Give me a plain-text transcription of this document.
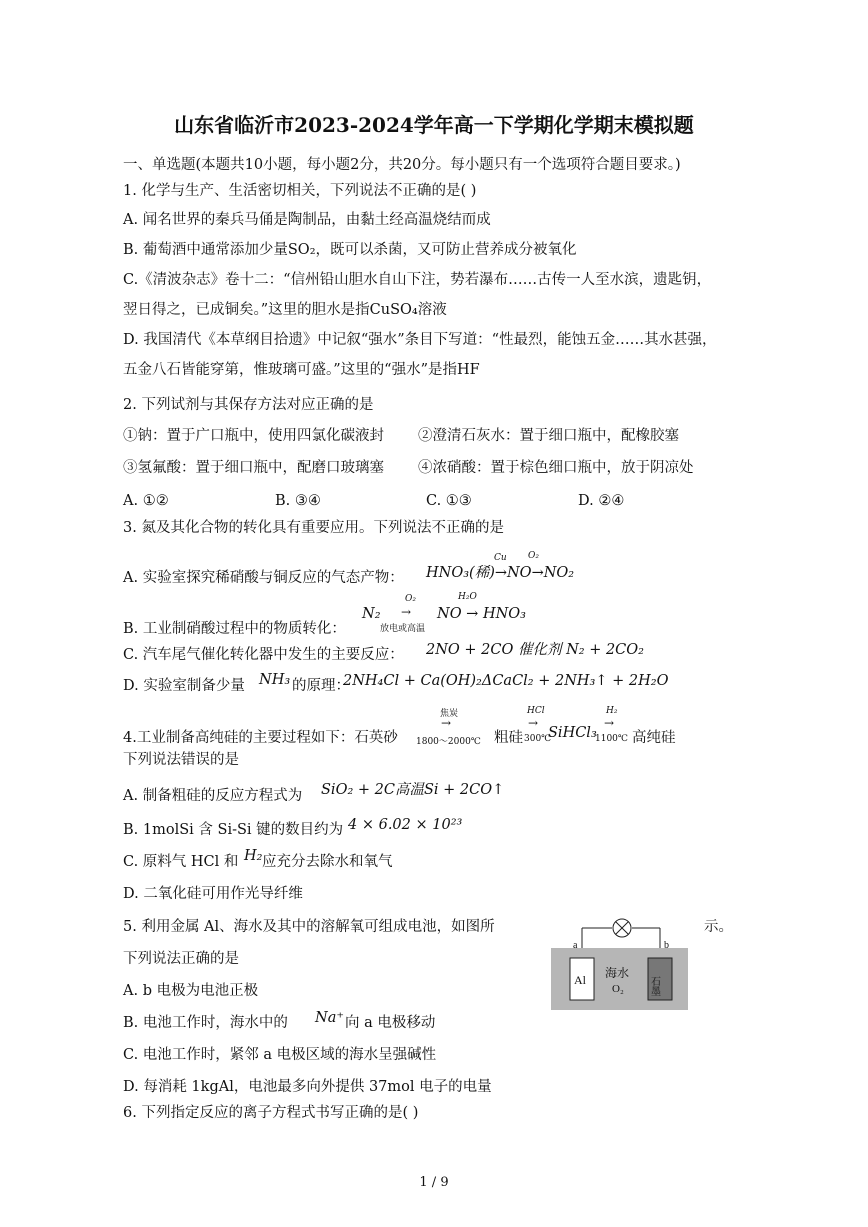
山东省临沂市2023-2024学年高一下学期化学期末模拟题
一、单选题(本题共10小题，每小题2分，共20分。每小题只有一个选项符合题目要求。)
1. 化学与生产、生活密切相关，下列说法不正确的是( )
A. 闻名世界的秦兵马俑是陶制品，由黏土经高温烧结而成
B. 葡萄酒中通常添加少量SO₂，既可以杀菌，又可防止营养成分被氧化
C.《清波杂志》卷十二：“信州铅山胆水自山下注，势若瀑布……古传一人至水滨，遗匙钥，
翌日得之，已成铜矣。”这里的胆水是指CuSO₄溶液
D. 我国清代《本草纲目拾遗》中记叙“强水”条目下写道：“性最烈，能蚀五金……其水甚强，
五金八石皆能穿第，惟玻璃可盛。”这里的“强水”是指HF
2. 下列试剂与其保存方法对应正确的是
①钠：置于广口瓶中，使用四氯化碳液封 ②澄清石灰水：置于细口瓶中，配橡胶塞
③氢氟酸：置于细口瓶中，配磨口玻璃塞 ④浓硝酸：置于棕色细口瓶中，放于阴凉处
A. ①②	B. ③④	C. ①③	D. ②④
3. 氮及其化合物的转化具有重要应用。下列说法不正确的是
Cu O₂
A. 实验室探究稀硝酸与铜反应的气态产物： HNO₃(稀)→NO→NO₂
O₂	H₂O
N₂ → NO → HNO₃
B. 工业制硝酸过程中的物质转化：	放电或高温
C. 汽车尾气催化转化器中发生的主要反应： 2NO + 2CO 催化剂 N₂ + 2CO₂
D. 实验室制备少量 NH₃ 的原理：
2NH₄Cl + Ca(OH)₂ΔCaCl₂ + 2NH₃↑ + 2H₂O
焦炭
→
HCl
→
H₂
→
4.工业制备高纯硅的主要过程如下：石英砂 1800～2000℃ 粗硅 300℃
SiHCl₃
1100℃ 高纯硅
下列说法错误的是
A. 制备粗硅的反应方程式为 SiO₂ + 2C高温Si + 2CO↑
B. 1molSi 含 Si-Si 键的数目约为 4 × 6.02 × 10²³
C. 原料气 HCl 和 H₂ 应充分去除水和氧气
D. 二氧化硅可用作光导纤维
5. 利用金属 Al、海水及其中的溶解氧可组成电池，如图所	示。
下列说法正确的是
A. b 电极为电池正极
B. 电池工作时，海水中的 Na⁺ 向 a 电极移动
C. 电池工作时，紧邻 a 电极区域的海水呈强碱性
D. 每消耗 1kgAl，电池最多向外提供 37mol 电子的电量
a	b
Al 海水
O₂ 石墨
6. 下列指定反应的离子方程式书写正确的是( )
1 / 9
